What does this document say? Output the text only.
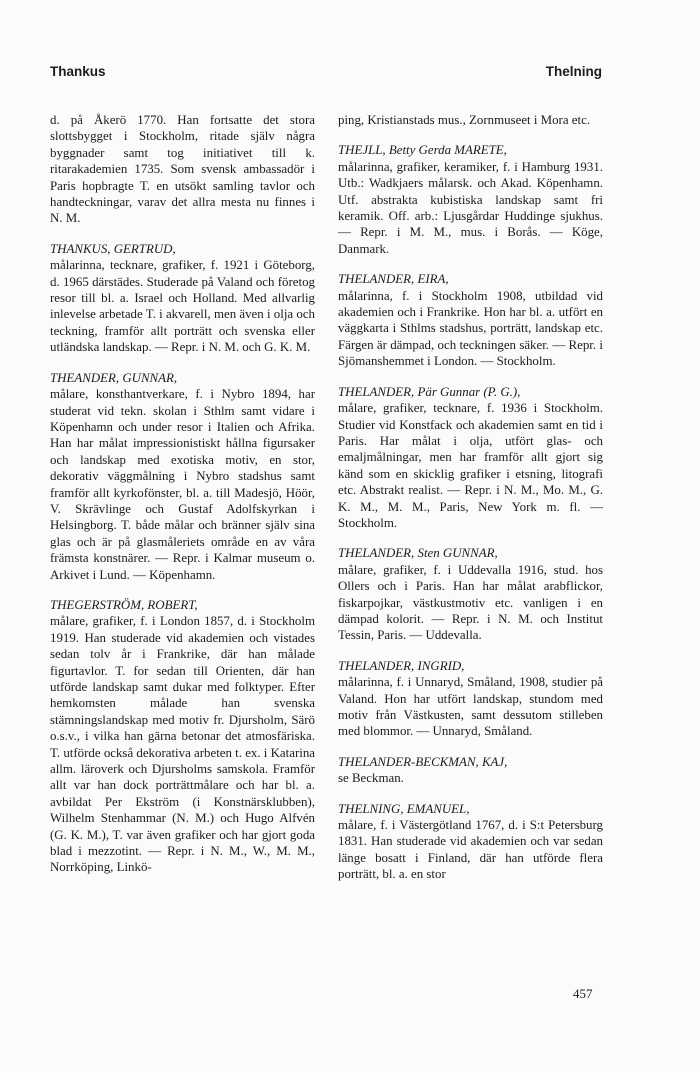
Thankus	Thelning

d. på Åkerö 1770. Han fortsatte det stora slottsbygget i Stockholm, ritade själv några byggnader samt tog initiativet till k. ritarakademien 1735. Som svensk ambassadör i Paris hopbragte T. en utsökt samling tavlor och handteckningar, varav det allra mesta nu finnes i N. M.

THANKUS, GERTRUD,

målarinna, tecknare, grafiker, f. 1921 i Göteborg, d. 1965 därstädes. Studerade på Valand och företog resor till bl. a. Israel och Holland. Med allvarlig inlevelse arbetade T. i akvarell, men även i olja och teckning, framför allt porträtt och svenska eller utländska landskap. — Repr. i N. M. och G. K. M.

THEANDER, GUNNAR,

målare, konsthantverkare, f. i Nybro 1894, har studerat vid tekn. skolan i Sthlm samt vidare i Köpenhamn och under resor i Italien och Afrika. Han har målat impressionistiskt hållna figursaker och landskap med exotiska motiv, en stor, dekorativ väggmålning i Nybro stadshus samt framför allt kyrkofönster, bl. a. till Madesjö, Höör, V. Skrävlinge och Gustaf Adolfskyrkan i Helsingborg. T. både målar och bränner själv sina glas och är på glasmåleriets område en av våra främsta konstnärer. — Repr. i Kalmar museum o. Arkivet i Lund. — Köpenhamn.

THEGERSTRÖM, ROBERT,

målare, grafiker, f. i London 1857, d. i Stockholm 1919. Han studerade vid akademien och vistades sedan tolv år i Frankrike, där han målade figurtavlor. T. for sedan till Orienten, där han utförde landskap samt dukar med folktyper. Efter hemkomsten målade han svenska stämningslandskap med motiv fr. Djursholm, Särö o.s.v., i vilka han gärna betonar det atmosfäriska. T. utförde också dekorativa arbeten t. ex. i Katarina allm. läroverk och Djursholms samskola. Framför allt var han dock porträttmålare och har bl. a. avbildat Per Ekström (i Konstnärsklubben), Wilhelm Stenhammar (N. M.) och Hugo Alfvén (G. K. M.), T. var även grafiker och har gjort goda blad i mezzotint. — Repr. i N. M., W., M. M., Norrköping, Linkö-

ping, Kristianstads mus., Zornmuseet i Mora etc.

THEJLL, Betty Gerda MARETE,

målarinna, grafiker, keramiker, f. i Hamburg 1931. Utb.: Wadkjaers målarsk. och Akad. Köpenhamn. Utf. abstrakta kubistiska landskap samt fri keramik. Off. arb.: Ljusgårdar Huddinge sjukhus. — Repr. i M. M., mus. i Borås. — Köge, Danmark.

THELANDER, EIRA,

målarinna, f. i Stockholm 1908, utbildad vid akademien och i Frankrike. Hon har bl. a. utfört en väggkarta i Sthlms stadshus, porträtt, landskap etc. Färgen är dämpad, och teckningen säker. — Repr. i Sjömanshemmet i London. — Stockholm.

THELANDER, Pär Gunnar (P. G.),

målare, grafiker, tecknare, f. 1936 i Stockholm. Studier vid Konstfack och akademien samt en tid i Paris. Har målat i olja, utfört glas- och emaljmålningar, men har framför allt gjort sig känd som en skicklig grafiker i etsning, litografi etc. Abstrakt realist. — Repr. i N. M., Mo. M., G. K. M., M. M., Paris, New York m. fl. — Stockholm.

THELANDER, Sten GUNNAR,

målare, grafiker, f. i Uddevalla 1916, stud. hos Ollers och i Paris. Han har målat arabflickor, fiskarpojkar, västkustmotiv etc. vanligen i en dämpad kolorit. — Repr. i N. M. och Institut Tessin, Paris. — Uddevalla.

THELANDER, INGRID,

målarinna, f. i Unnaryd, Småland, 1908, studier på Valand. Hon har utfört landskap, stundom med motiv från Västkusten, samt dessutom stilleben med blommor. — Unnaryd, Småland.

THELANDER-BECKMAN, KAJ,

se Beckman.

THELNING, EMANUEL,

målare, f. i Västergötland 1767, d. i S:t Petersburg 1831. Han studerade vid akademien och var sedan länge bosatt i Finland, där han utförde flera porträtt, bl. a. en stor

457
